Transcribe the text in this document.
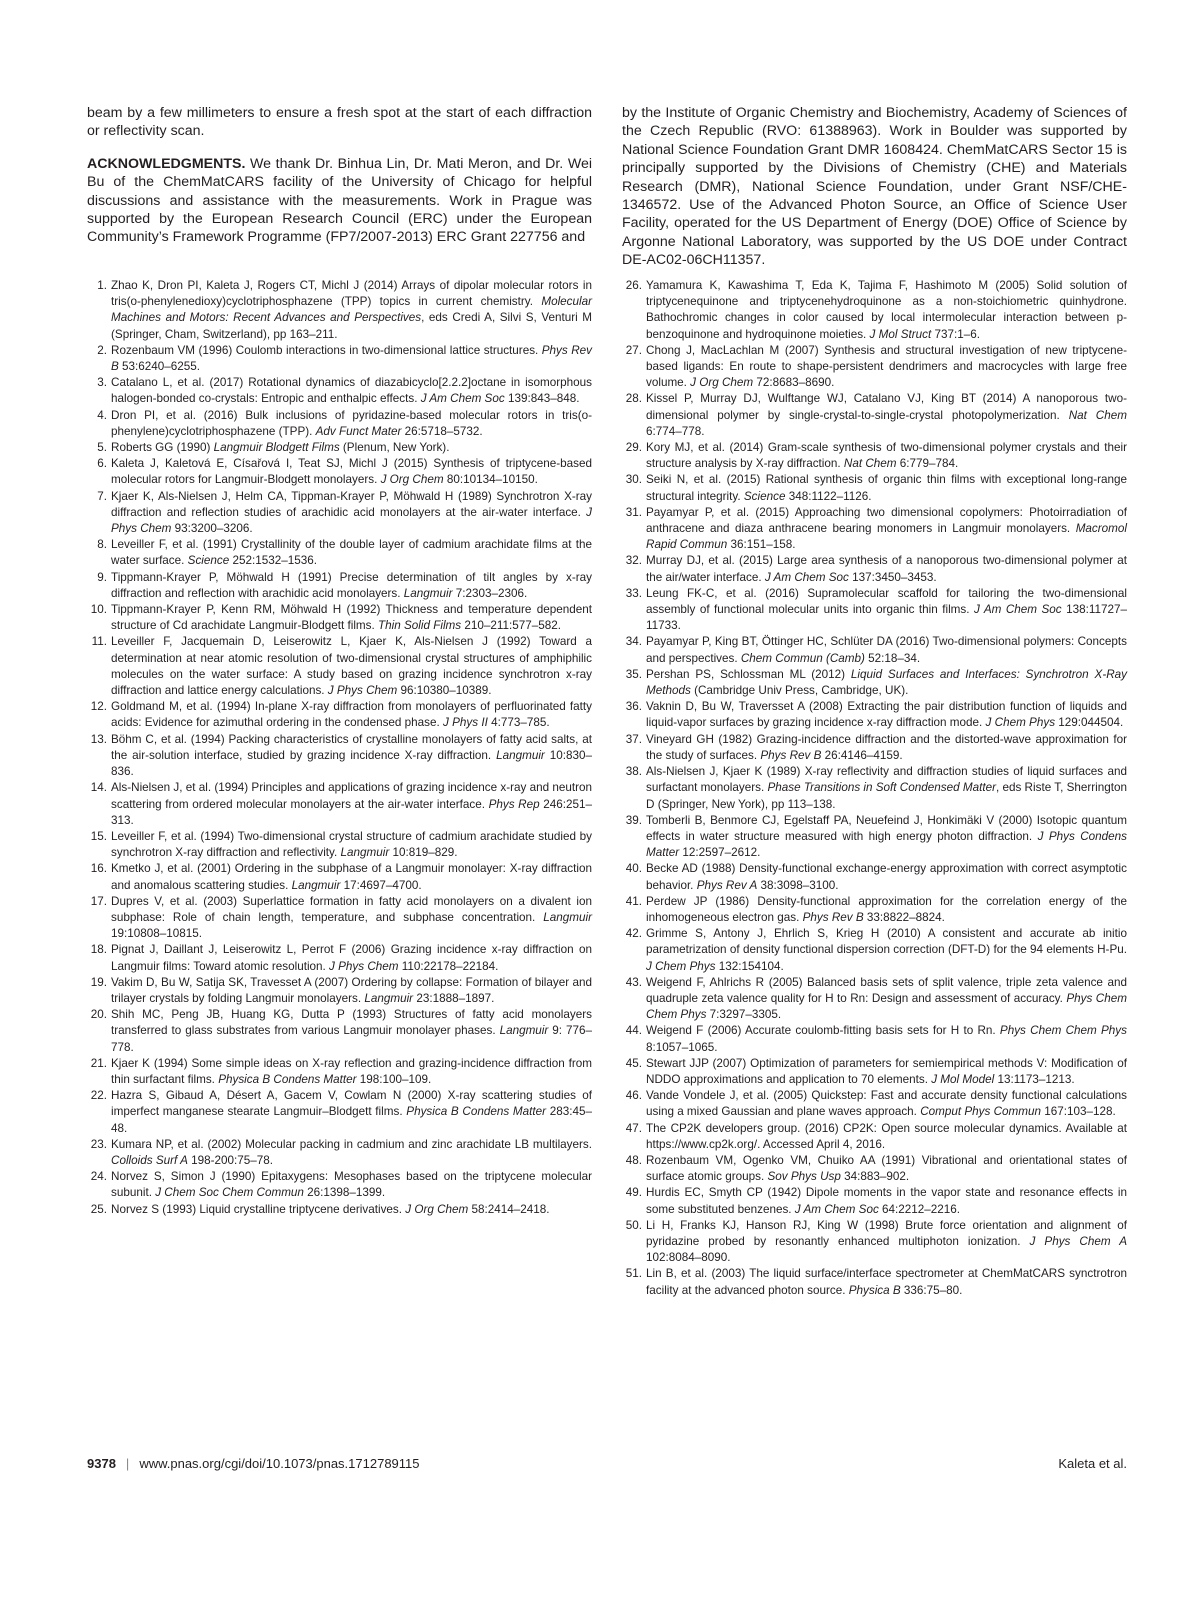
beam by a few millimeters to ensure a fresh spot at the start of each diffraction or reflectivity scan.

ACKNOWLEDGMENTS. We thank Dr. Binhua Lin, Dr. Mati Meron, and Dr. Wei Bu of the ChemMatCARS facility of the University of Chicago for helpful discussions and assistance with the measurements. Work in Prague was supported by the European Research Council (ERC) under the European Community’s Framework Programme (FP7/2007-2013) ERC Grant 227756 and

by the Institute of Organic Chemistry and Biochemistry, Academy of Sciences of the Czech Republic (RVO: 61388963). Work in Boulder was supported by National Science Foundation Grant DMR 1608424. ChemMatCARS Sector 15 is principally supported by the Divisions of Chemistry (CHE) and Materials Research (DMR), National Science Foundation, under Grant NSF/CHE-1346572. Use of the Advanced Photon Source, an Office of Science User Facility, operated for the US Department of Energy (DOE) Office of Science by Argonne National Laboratory, was supported by the US DOE under Contract DE-AC02-06CH11357.

1. Zhao K, Dron PI, Kaleta J, Rogers CT, Michl J (2014) Arrays of dipolar molecular rotors in tris(o-phenylenedioxy)cyclotriphosphazene (TPP) topics in current chemistry. Molecular Machines and Motors: Recent Advances and Perspectives, eds Credi A, Silvi S, Venturi M (Springer, Cham, Switzerland), pp 163–211.
2. Rozenbaum VM (1996) Coulomb interactions in two-dimensional lattice structures. Phys Rev B 53:6240–6255.
3. Catalano L, et al. (2017) Rotational dynamics of diazabicyclo[2.2.2]octane in isomorphous halogen-bonded co-crystals: Entropic and enthalpic effects. J Am Chem Soc 139:843–848.
4. Dron PI, et al. (2016) Bulk inclusions of pyridazine-based molecular rotors in tris(o-phenylene)cyclotriphosphazene (TPP). Adv Funct Mater 26:5718–5732.
5. Roberts GG (1990) Langmuir Blodgett Films (Plenum, New York).
6. Kaleta J, Kaletová E, Císařová I, Teat SJ, Michl J (2015) Synthesis of triptycene-based molecular rotors for Langmuir-Blodgett monolayers. J Org Chem 80:10134–10150.
7. Kjaer K, Als-Nielsen J, Helm CA, Tippman-Krayer P, Möhwald H (1989) Synchrotron X-ray diffraction and reflection studies of arachidic acid monolayers at the air-water interface. J Phys Chem 93:3200–3206.
8. Leveiller F, et al. (1991) Crystallinity of the double layer of cadmium arachidate films at the water surface. Science 252:1532–1536.
9. Tippmann-Krayer P, Möhwald H (1991) Precise determination of tilt angles by x-ray diffraction and reflection with arachidic acid monolayers. Langmuir 7:2303–2306.
10. Tippmann-Krayer P, Kenn RM, Möhwald H (1992) Thickness and temperature dependent structure of Cd arachidate Langmuir-Blodgett films. Thin Solid Films 210–211:577–582.
11. Leveiller F, Jacquemain D, Leiserowitz L, Kjaer K, Als-Nielsen J (1992) Toward a determination at near atomic resolution of two-dimensional crystal structures of amphiphilic molecules on the water surface: A study based on grazing incidence synchrotron x-ray diffraction and lattice energy calculations. J Phys Chem 96:10380–10389.
12. Goldmand M, et al. (1994) In-plane X-ray diffraction from monolayers of perfluorinated fatty acids: Evidence for azimuthal ordering in the condensed phase. J Phys II 4:773–785.
13. Böhm C, et al. (1994) Packing characteristics of crystalline monolayers of fatty acid salts, at the air-solution interface, studied by grazing incidence X-ray diffraction. Langmuir 10:830–836.
14. Als-Nielsen J, et al. (1994) Principles and applications of grazing incidence x-ray and neutron scattering from ordered molecular monolayers at the air-water interface. Phys Rep 246:251–313.
15. Leveiller F, et al. (1994) Two-dimensional crystal structure of cadmium arachidate studied by synchrotron X-ray diffraction and reflectivity. Langmuir 10:819–829.
16. Kmetko J, et al. (2001) Ordering in the subphase of a Langmuir monolayer: X-ray diffraction and anomalous scattering studies. Langmuir 17:4697–4700.
17. Dupres V, et al. (2003) Superlattice formation in fatty acid monolayers on a divalent ion subphase: Role of chain length, temperature, and subphase concentration. Langmuir 19:10808–10815.
18. Pignat J, Daillant J, Leiserowitz L, Perrot F (2006) Grazing incidence x-ray diffraction on Langmuir films: Toward atomic resolution. J Phys Chem 110:22178–22184.
19. Vakim D, Bu W, Satija SK, Travesset A (2007) Ordering by collapse: Formation of bilayer and trilayer crystals by folding Langmuir monolayers. Langmuir 23:1888–1897.
20. Shih MC, Peng JB, Huang KG, Dutta P (1993) Structures of fatty acid monolayers transferred to glass substrates from various Langmuir monolayer phases. Langmuir 9: 776–778.
21. Kjaer K (1994) Some simple ideas on X-ray reflection and grazing-incidence diffraction from thin surfactant films. Physica B Condens Matter 198:100–109.
22. Hazra S, Gibaud A, Désert A, Gacem V, Cowlam N (2000) X-ray scattering studies of imperfect manganese stearate Langmuir–Blodgett films. Physica B Condens Matter 283:45–48.
23. Kumara NP, et al. (2002) Molecular packing in cadmium and zinc arachidate LB multilayers. Colloids Surf A 198-200:75–78.
24. Norvez S, Simon J (1990) Epitaxygens: Mesophases based on the triptycene molecular subunit. J Chem Soc Chem Commun 26:1398–1399.
25. Norvez S (1993) Liquid crystalline triptycene derivatives. J Org Chem 58:2414–2418.
26. Yamamura K, Kawashima T, Eda K, Tajima F, Hashimoto M (2005) Solid solution of triptycenequinone and triptycenehydroquinone as a non-stoichiometric quinhydrone. Bathochromic changes in color caused by local intermolecular interaction between p-benzoquinone and hydroquinone moieties. J Mol Struct 737:1–6.
27. Chong J, MacLachlan M (2007) Synthesis and structural investigation of new triptycene-based ligands: En route to shape-persistent dendrimers and macrocycles with large free volume. J Org Chem 72:8683–8690.
28. Kissel P, Murray DJ, Wulftange WJ, Catalano VJ, King BT (2014) A nanoporous two-dimensional polymer by single-crystal-to-single-crystal photopolymerization. Nat Chem 6:774–778.
29. Kory MJ, et al. (2014) Gram-scale synthesis of two-dimensional polymer crystals and their structure analysis by X-ray diffraction. Nat Chem 6:779–784.
30. Seiki N, et al. (2015) Rational synthesis of organic thin films with exceptional long-range structural integrity. Science 348:1122–1126.
31. Payamyar P, et al. (2015) Approaching two dimensional copolymers: Photoirradiation of anthracene and diaza anthracene bearing monomers in Langmuir monolayers. Macromol Rapid Commun 36:151–158.
32. Murray DJ, et al. (2015) Large area synthesis of a nanoporous two-dimensional polymer at the air/water interface. J Am Chem Soc 137:3450–3453.
33. Leung FK-C, et al. (2016) Supramolecular scaffold for tailoring the two-dimensional assembly of functional molecular units into organic thin films. J Am Chem Soc 138:11727–11733.
34. Payamyar P, King BT, Öttinger HC, Schlüter DA (2016) Two-dimensional polymers: Concepts and perspectives. Chem Commun (Camb) 52:18–34.
35. Pershan PS, Schlossman ML (2012) Liquid Surfaces and Interfaces: Synchrotron X-Ray Methods (Cambridge Univ Press, Cambridge, UK).
36. Vaknin D, Bu W, Traversset A (2008) Extracting the pair distribution function of liquids and liquid-vapor surfaces by grazing incidence x-ray diffraction mode. J Chem Phys 129:044504.
37. Vineyard GH (1982) Grazing-incidence diffraction and the distorted-wave approximation for the study of surfaces. Phys Rev B 26:4146–4159.
38. Als-Nielsen J, Kjaer K (1989) X-ray reflectivity and diffraction studies of liquid surfaces and surfactant monolayers. Phase Transitions in Soft Condensed Matter, eds Riste T, Sherrington D (Springer, New York), pp 113–138.
39. Tomberli B, Benmore CJ, Egelstaff PA, Neuefeind J, Honkimäki V (2000) Isotopic quantum effects in water structure measured with high energy photon diffraction. J Phys Condens Matter 12:2597–2612.
40. Becke AD (1988) Density-functional exchange-energy approximation with correct asymptotic behavior. Phys Rev A 38:3098–3100.
41. Perdew JP (1986) Density-functional approximation for the correlation energy of the inhomogeneous electron gas. Phys Rev B 33:8822–8824.
42. Grimme S, Antony J, Ehrlich S, Krieg H (2010) A consistent and accurate ab initio parametrization of density functional dispersion correction (DFT-D) for the 94 elements H-Pu. J Chem Phys 132:154104.
43. Weigend F, Ahlrichs R (2005) Balanced basis sets of split valence, triple zeta valence and quadruple zeta valence quality for H to Rn: Design and assessment of accuracy. Phys Chem Chem Phys 7:3297–3305.
44. Weigend F (2006) Accurate coulomb-fitting basis sets for H to Rn. Phys Chem Chem Phys 8:1057–1065.
45. Stewart JJP (2007) Optimization of parameters for semiempirical methods V: Modification of NDDO approximations and application to 70 elements. J Mol Model 13:1173–1213.
46. Vande Vondele J, et al. (2005) Quickstep: Fast and accurate density functional calculations using a mixed Gaussian and plane waves approach. Comput Phys Commun 167:103–128.
47. The CP2K developers group. (2016) CP2K: Open source molecular dynamics. Available at https://www.cp2k.org/. Accessed April 4, 2016.
48. Rozenbaum VM, Ogenko VM, Chuiko AA (1991) Vibrational and orientational states of surface atomic groups. Sov Phys Usp 34:883–902.
49. Hurdis EC, Smyth CP (1942) Dipole moments in the vapor state and resonance effects in some substituted benzenes. J Am Chem Soc 64:2212–2216.
50. Li H, Franks KJ, Hanson RJ, King W (1998) Brute force orientation and alignment of pyridazine probed by resonantly enhanced multiphoton ionization. J Phys Chem A 102:8084–8090.
51. Lin B, et al. (2003) The liquid surface/interface spectrometer at ChemMatCARS synctrotron facility at the advanced photon source. Physica B 336:75–80.
9378 | www.pnas.org/cgi/doi/10.1073/pnas.1712789115	Kaleta et al.
